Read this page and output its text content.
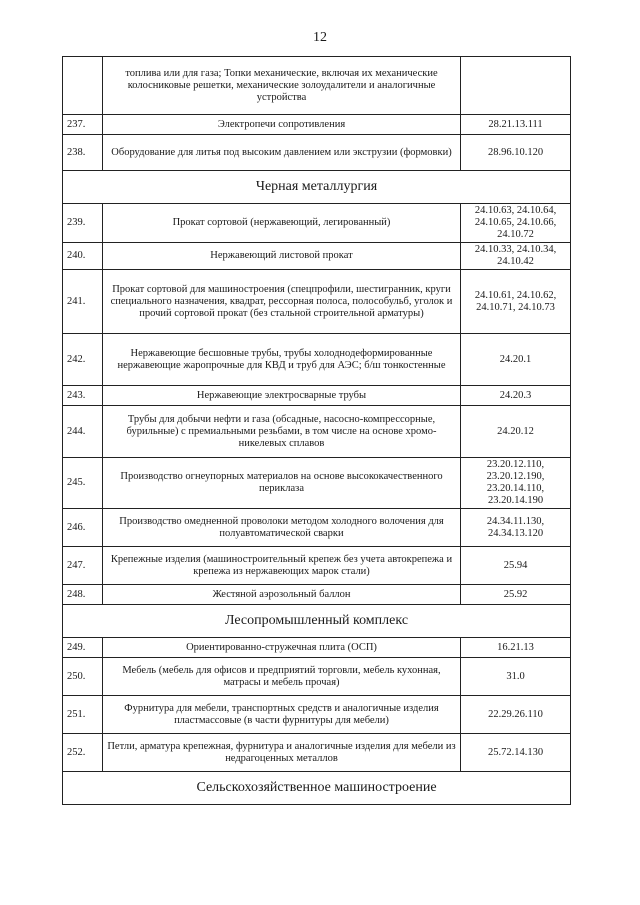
12
	топлива или для газа; Топки механические, включая их механические колосниковые решетки, механические золоудалители и аналогичные устройства	
237.	Электропечи сопротивления	28.21.13.111
238.	Оборудование для литья под высоким давлением или экструзии (формовки)	28.96.10.120
Черная металлургия		
239.	Прокат сортовой (нержавеющий, легированный)	24.10.63, 24.10.64, 24.10.65, 24.10.66, 24.10.72
240.	Нержавеющий листовой прокат	24.10.33, 24.10.34, 24.10.42
241.	Прокат сортовой для машиностроения (спецпрофили, шестигранник, круги специального назначения, квадрат, рессорная полоса, полособульб, уголок и прочий сортовой прокат (без стальной строительной арматуры)	24.10.61, 24.10.62, 24.10.71, 24.10.73
242.	Нержавеющие бесшовные трубы, трубы холоднодеформированные нержавеющие жаропрочные для КВД и труб для АЭС; б/ш тонкостенные	24.20.1
243.	Нержавеющие электросварные трубы	24.20.3
244.	Трубы для добычи нефти и газа (обсадные, насосно-компрессорные, бурильные) с премиальными резьбами, в том числе на основе хромо-никелевых сплавов	24.20.12
245.	Производство огнеупорных материалов на основе высококачественного периклаза	23.20.12.110, 23.20.12.190, 23.20.14.110, 23.20.14.190
246.	Производство омедненной проволоки методом холодного волочения для полуавтоматической сварки	24.34.11.130, 24.34.13.120
247.	Крепежные изделия (машиностроительный крепеж без учета автокрепежа и крепежа из нержавеющих марок стали)	25.94
248.	Жестяной аэрозольный баллон	25.92
Лесопромышленный комплекс		
249.	Ориентированно-стружечная плита (ОСП)	16.21.13
250.	Мебель (мебель для офисов и предприятий торговли, мебель кухонная, матрасы и мебель прочая)	31.0
251.	Фурнитура для мебели, транспортных средств и аналогичные изделия пластмассовые (в части фурнитуры для мебели)	22.29.26.110
252.	Петли, арматура крепежная, фурнитура и аналогичные изделия для мебели из недрагоценных металлов	25.72.14.130
Сельскохозяйственное машиностроение		
